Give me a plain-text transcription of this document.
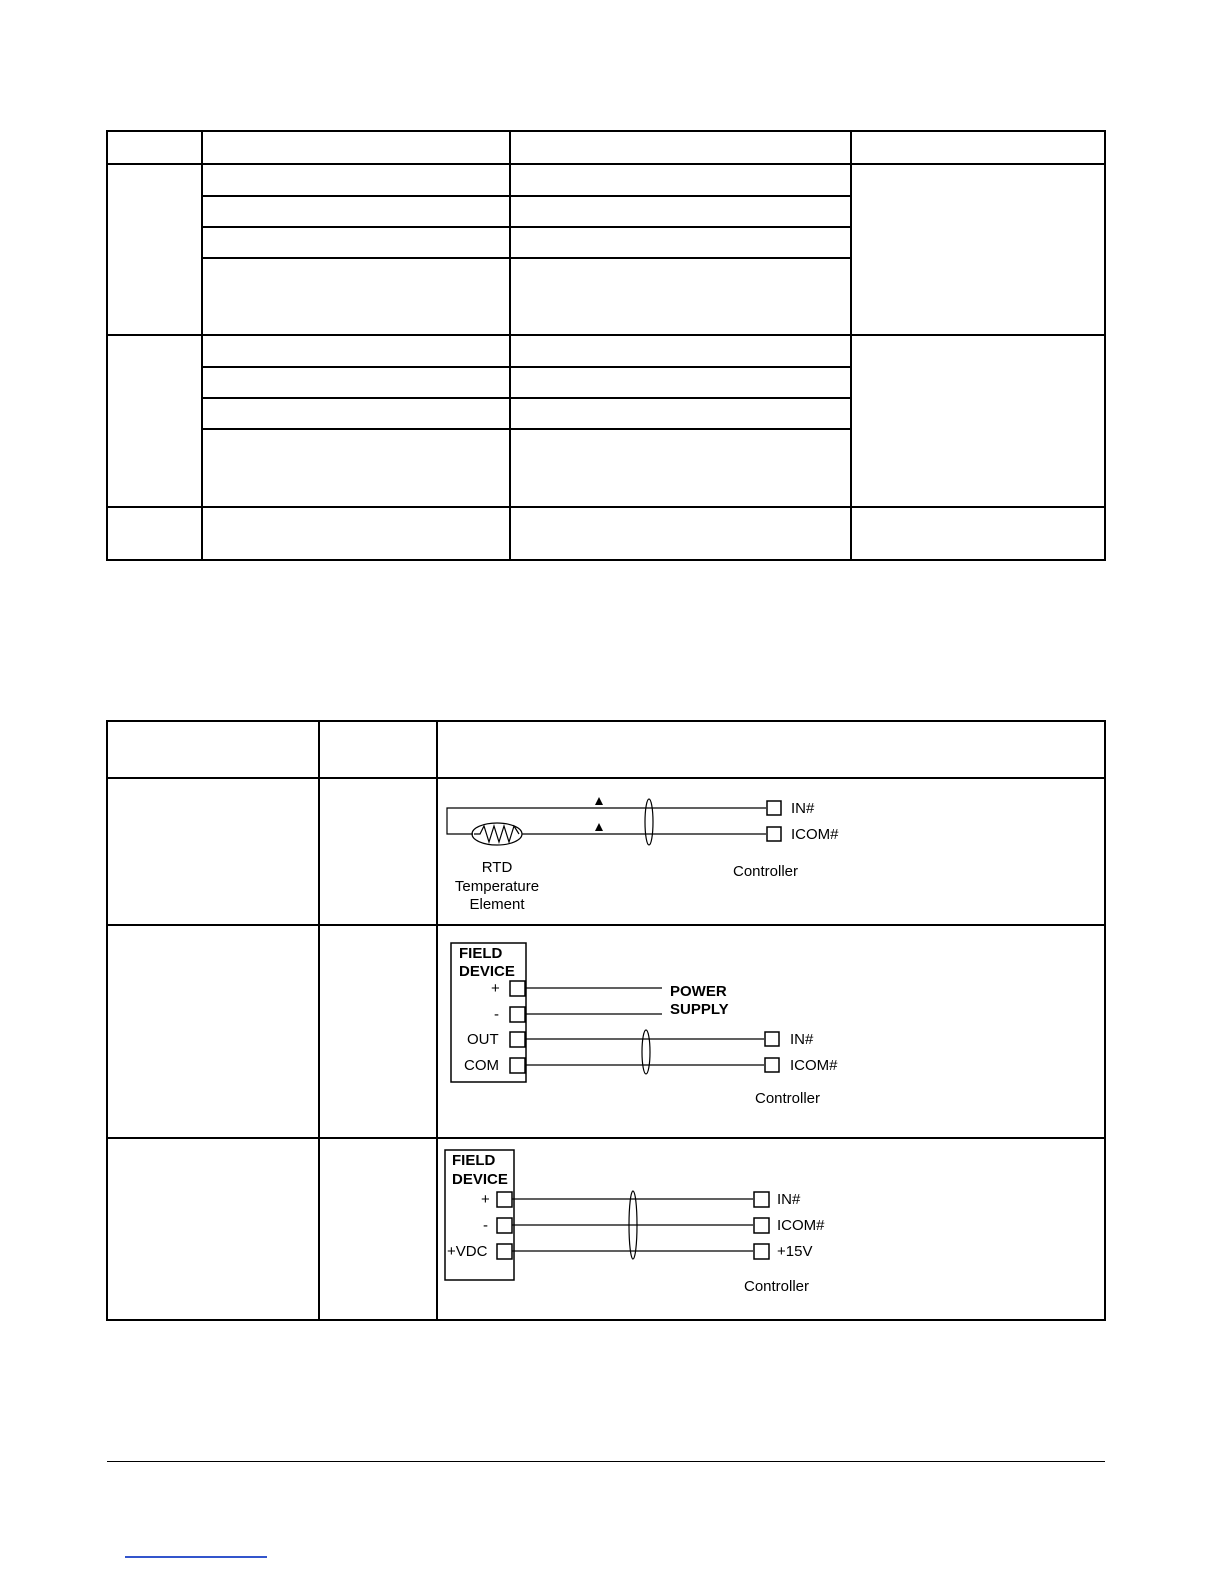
IN#
ICOM#
RTD
Temperature
Element
Controller
FIELD
DEVICE
+
-
OUT
COM
POWER
SUPPLY
IN#
ICOM#
Controller
FIELD
DEVICE
+
-
+VDC
IN#
ICOM#
+15V
Controller
